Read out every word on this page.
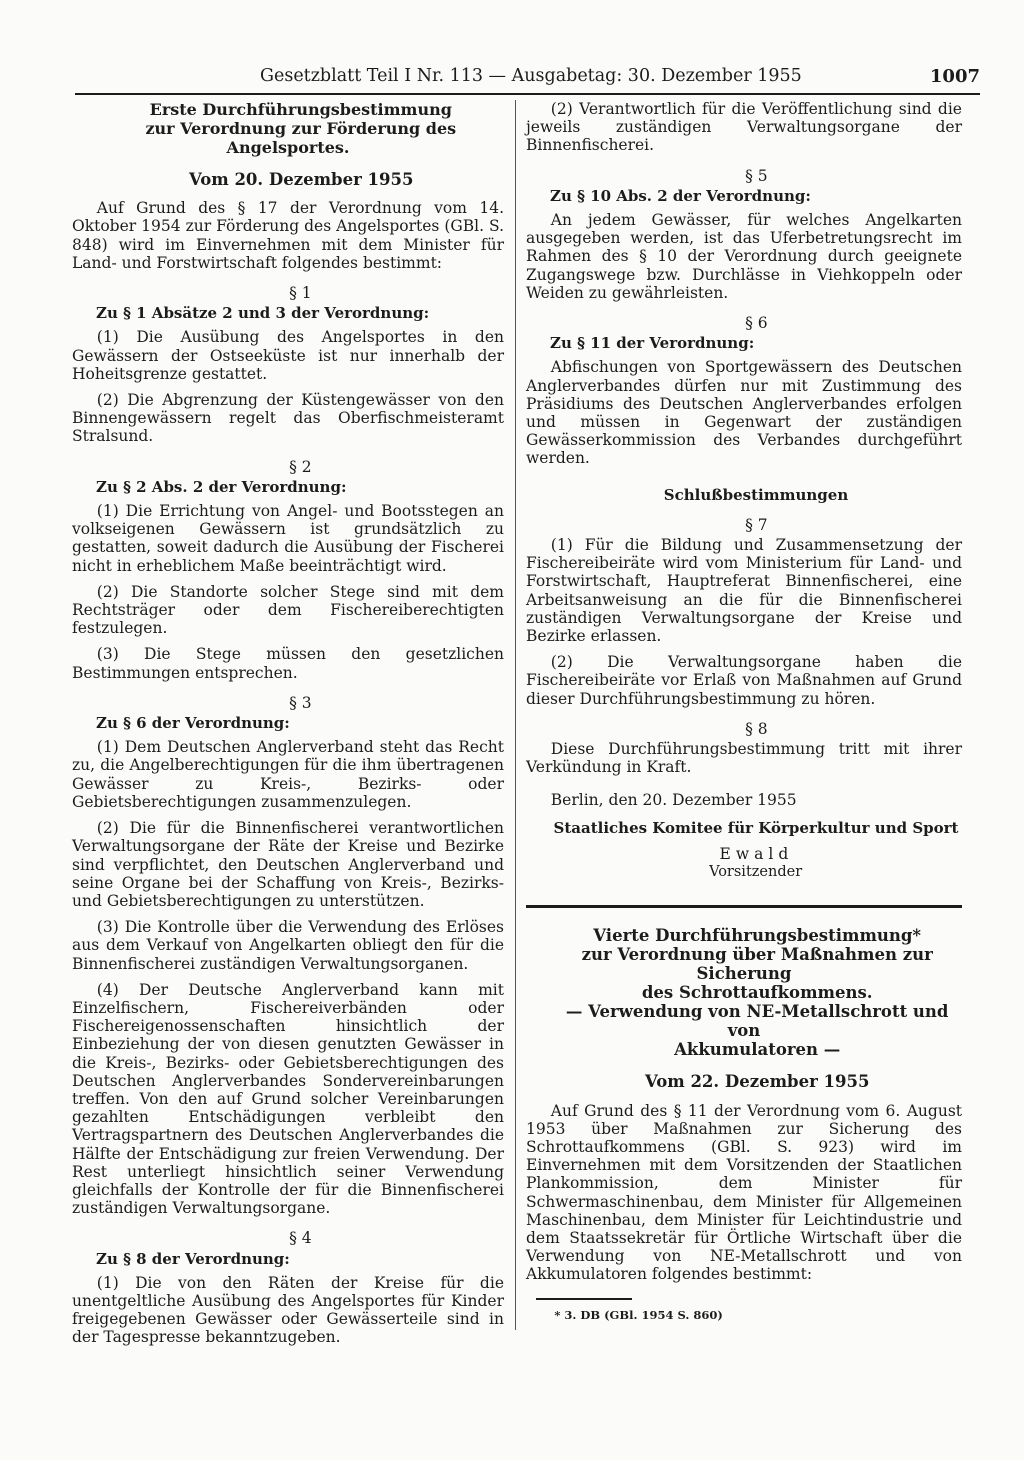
Gesetzblatt Teil I Nr. 113 — Ausgabetag: 30. Dezember 1955	1007

Erste Durchführungsbestimmung

zur Verordnung zur Förderung des Angelsportes.

Vom 20. Dezember 1955

Auf Grund des § 17 der Verordnung vom 14. Oktober 1954 zur Förderung des Angelsportes (GBl. S. 848) wird im Einvernehmen mit dem Minister für Land- und Forstwirtschaft folgendes bestimmt:

§ 1

Zu § 1 Absätze 2 und 3 der Verordnung:

(1) Die Ausübung des Angelsportes in den Gewässern der Ostseeküste ist nur innerhalb der Hoheitsgrenze gestattet.

(2) Die Abgrenzung der Küstengewässer von den Binnengewässern regelt das Oberfischmeisteramt Stralsund.

§ 2

Zu § 2 Abs. 2 der Verordnung:

(1) Die Errichtung von Angel- und Bootsstegen an volkseigenen Gewässern ist grundsätzlich zu gestatten, soweit dadurch die Ausübung der Fischerei nicht in erheblichem Maße beeinträchtigt wird.

(2) Die Standorte solcher Stege sind mit dem Rechtsträger oder dem Fischereiberechtigten festzulegen.

(3) Die Stege müssen den gesetzlichen Bestimmungen entsprechen.

§ 3

Zu § 6 der Verordnung:

(1) Dem Deutschen Anglerverband steht das Recht zu, die Angelberechtigungen für die ihm übertragenen Gewässer zu Kreis-, Bezirks- oder Gebietsberechtigungen zusammenzulegen.

(2) Die für die Binnenfischerei verantwortlichen Verwaltungsorgane der Räte der Kreise und Bezirke sind verpflichtet, den Deutschen Anglerverband und seine Organe bei der Schaffung von Kreis-, Bezirks- und Gebietsberechtigungen zu unterstützen.

(3) Die Kontrolle über die Verwendung des Erlöses aus dem Verkauf von Angelkarten obliegt den für die Binnenfischerei zuständigen Verwaltungsorganen.

(4) Der Deutsche Anglerverband kann mit Einzelfischern, Fischereiverbänden oder Fischereigenossenschaften hinsichtlich der Einbeziehung der von diesen genutzten Gewässer in die Kreis-, Bezirks- oder Gebietsberechtigungen des Deutschen Anglerverbandes Sondervereinbarungen treffen. Von den auf Grund solcher Vereinbarungen gezahlten Entschädigungen verbleibt den Vertragspartnern des Deutschen Anglerverbandes die Hälfte der Entschädigung zur freien Verwendung. Der Rest unterliegt hinsichtlich seiner Verwendung gleichfalls der Kontrolle der für die Binnenfischerei zuständigen Verwaltungsorgane.

§ 4

Zu § 8 der Verordnung:

(1) Die von den Räten der Kreise für die unentgeltliche Ausübung des Angelsportes für Kinder freigegebenen Gewässer oder Gewässerteile sind in der Tagespresse bekanntzugeben.

(2) Verantwortlich für die Veröffentlichung sind die jeweils zuständigen Verwaltungsorgane der Binnenfischerei.

§ 5

Zu § 10 Abs. 2 der Verordnung:

An jedem Gewässer, für welches Angelkarten ausgegeben werden, ist das Uferbetretungsrecht im Rahmen des § 10 der Verordnung durch geeignete Zugangswege bzw. Durchlässe in Viehkoppeln oder Weiden zu gewährleisten.

§ 6

Zu § 11 der Verordnung:

Abfischungen von Sportgewässern des Deutschen Anglerverbandes dürfen nur mit Zustimmung des Präsidiums des Deutschen Anglerverbandes erfolgen und müssen in Gegenwart der zuständigen Gewässerkommission des Verbandes durchgeführt werden.

Schlußbestimmungen

§ 7

(1) Für die Bildung und Zusammensetzung der Fischereibeiräte wird vom Ministerium für Land- und Forstwirtschaft, Hauptreferat Binnenfischerei, eine Arbeitsanweisung an die für die Binnenfischerei zuständigen Verwaltungsorgane der Kreise und Bezirke erlassen.

(2) Die Verwaltungsorgane haben die Fischereibeiräte vor Erlaß von Maßnahmen auf Grund dieser Durchführungsbestimmung zu hören.

§ 8

Diese Durchführungsbestimmung tritt mit ihrer Verkündung in Kraft.

Berlin, den 20. Dezember 1955

Staatliches Komitee für Körperkultur und Sport

Ewald

Vorsitzender

Vierte Durchführungsbestimmung*

zur Verordnung über Maßnahmen zur Sicherung

des Schrottaufkommens.

— Verwendung von NE-Metallschrott und von

Akkumulatoren —

Vom 22. Dezember 1955

Auf Grund des § 11 der Verordnung vom 6. August 1953 über Maßnahmen zur Sicherung des Schrottaufkommens (GBl. S. 923) wird im Einvernehmen mit dem Vorsitzenden der Staatlichen Plankommission, dem Minister für Schwermaschinenbau, dem Minister für Allgemeinen Maschinenbau, dem Minister für Leichtindustrie und dem Staatssekretär für Örtliche Wirtschaft über die Verwendung von NE-Metallschrott und von Akkumulatoren folgendes bestimmt:

* 3. DB (GBl. 1954 S. 860)
